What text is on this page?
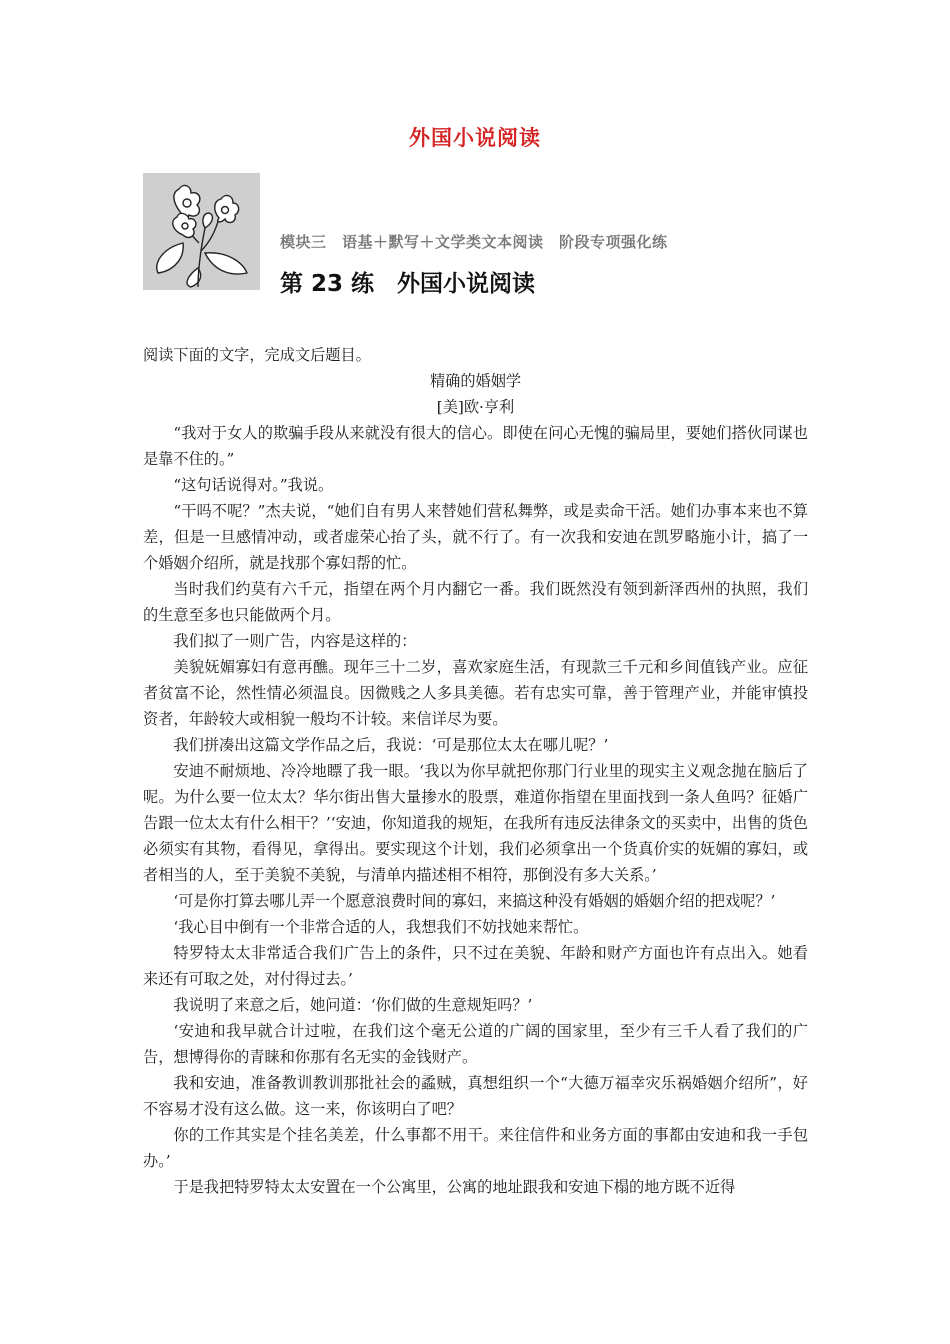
外国小说阅读
模块三　语基＋默写＋文学类文本阅读　阶段专项强化练
第 23 练　外国小说阅读

阅读下面的文字，完成文后题目。

精确的婚姻学

[美]欧·亨利

“我对于女人的欺骗手段从来就没有很大的信心。即使在问心无愧的骗局里，要她们搭伙同谋也是靠不住的。”

“这句话说得对。”我说。

“干吗不呢？”杰夫说，“她们自有男人来替她们营私舞弊，或是卖命干活。她们办事本来也不算差，但是一旦感情冲动，或者虚荣心抬了头，就不行了。有一次我和安迪在凯罗略施小计，搞了一个婚姻介绍所，就是找那个寡妇帮的忙。

当时我们约莫有六千元，指望在两个月内翻它一番。我们既然没有领到新泽西州的执照，我们的生意至多也只能做两个月。

我们拟了一则广告，内容是这样的：

美貌妩媚寡妇有意再醮。现年三十二岁，喜欢家庭生活，有现款三千元和乡间值钱产业。应征者贫富不论，然性情必须温良。因微贱之人多具美德。若有忠实可靠，善于管理产业，并能审慎投资者，年龄较大或相貌一般均不计较。来信详尽为要。

我们拼凑出这篇文学作品之后，我说：‘可是那位太太在哪儿呢？’

安迪不耐烦地、冷冷地瞟了我一眼。‘我以为你早就把你那门行业里的现实主义观念抛在脑后了呢。为什么要一位太太？华尔街出售大量掺水的股票，难道你指望在里面找到一条人鱼吗？征婚广告跟一位太太有什么相干？’‘安迪，你知道我的规矩，在我所有违反法律条文的买卖中，出售的货色必须实有其物，看得见，拿得出。要实现这个计划，我们必须拿出一个货真价实的妩媚的寡妇，或者相当的人，至于美貌不美貌，与清单内描述相不相符，那倒没有多大关系。’

‘可是你打算去哪儿弄一个愿意浪费时间的寡妇，来搞这种没有婚姻的婚姻介绍的把戏呢？’

‘我心目中倒有一个非常合适的人，我想我们不妨找她来帮忙。

特罗特太太非常适合我们广告上的条件，只不过在美貌、年龄和财产方面也许有点出入。她看来还有可取之处，对付得过去。’

我说明了来意之后，她问道：‘你们做的生意规矩吗？’

‘安迪和我早就合计过啦，在我们这个毫无公道的广阔的国家里，至少有三千人看了我们的广告，想博得你的青睐和你那有名无实的金钱财产。

我和安迪，准备教训教训那批社会的蟊贼，真想组织一个“大德万福幸灾乐祸婚姻介绍所”，好不容易才没有这么做。这一来，你该明白了吧？

你的工作其实是个挂名美差，什么事都不用干。来往信件和业务方面的事都由安迪和我一手包办。’

于是我把特罗特太太安置在一个公寓里，公寓的地址跟我和安迪下榻的地方既不近得
